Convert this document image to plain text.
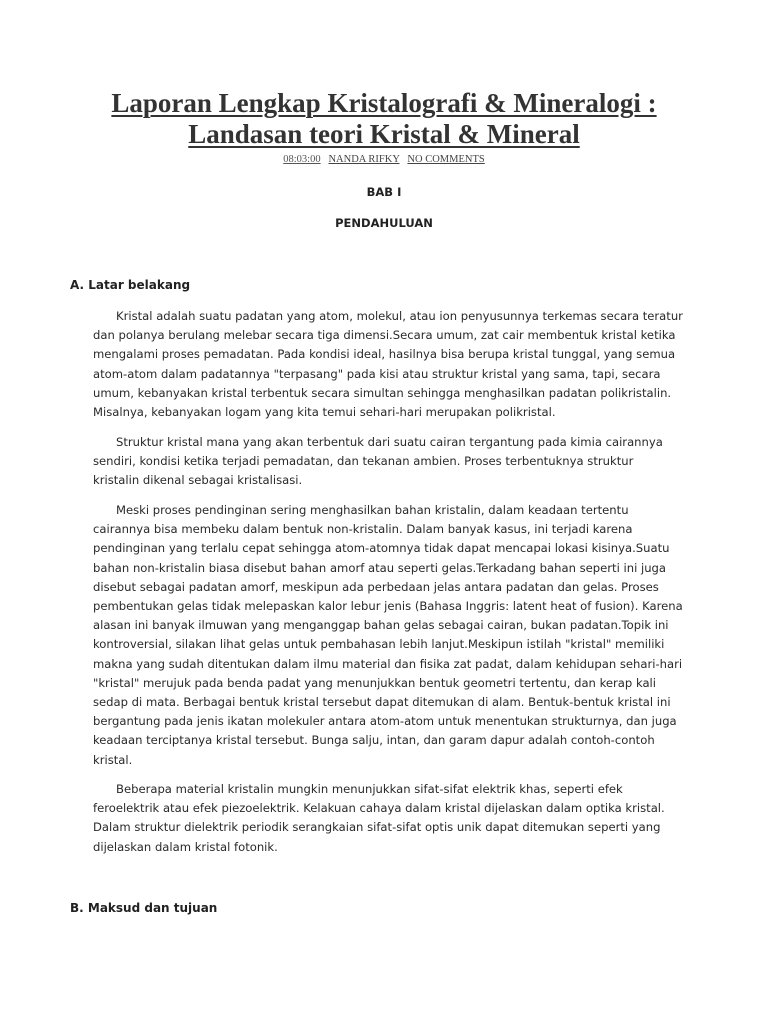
Laporan Lengkap Kristalografi & Mineralogi :
Landasan teori Kristal & Mineral
08:03:00 NANDA RIFKY NO COMMENTS

BAB I

PENDAHULUAN

A. Latar belakang

Kristal adalah suatu padatan yang atom, molekul, atau ion penyusunnya terkemas secara teratur
dan polanya berulang melebar secara tiga dimensi.Secara umum, zat cair membentuk kristal ketika
mengalami proses pemadatan. Pada kondisi ideal, hasilnya bisa berupa kristal tunggal, yang semua
atom-atom dalam padatannya "terpasang" pada kisi atau struktur kristal yang sama, tapi, secara
umum, kebanyakan kristal terbentuk secara simultan sehingga menghasilkan padatan polikristalin.
Misalnya, kebanyakan logam yang kita temui sehari-hari merupakan polikristal.

Struktur kristal mana yang akan terbentuk dari suatu cairan tergantung pada kimia cairannya
sendiri, kondisi ketika terjadi pemadatan, dan tekanan ambien. Proses terbentuknya struktur
kristalin dikenal sebagai kristalisasi.

Meski proses pendinginan sering menghasilkan bahan kristalin, dalam keadaan tertentu
cairannya bisa membeku dalam bentuk non-kristalin. Dalam banyak kasus, ini terjadi karena
pendinginan yang terlalu cepat sehingga atom-atomnya tidak dapat mencapai lokasi kisinya.Suatu
bahan non-kristalin biasa disebut bahan amorf atau seperti gelas.Terkadang bahan seperti ini juga
disebut sebagai padatan amorf, meskipun ada perbedaan jelas antara padatan dan gelas. Proses
pembentukan gelas tidak melepaskan kalor lebur jenis (Bahasa Inggris: latent heat of fusion). Karena
alasan ini banyak ilmuwan yang menganggap bahan gelas sebagai cairan, bukan padatan.Topik ini
kontroversial, silakan lihat gelas untuk pembahasan lebih lanjut.Meskipun istilah "kristal" memiliki
makna yang sudah ditentukan dalam ilmu material dan fisika zat padat, dalam kehidupan sehari-hari
"kristal" merujuk pada benda padat yang menunjukkan bentuk geometri tertentu, dan kerap kali
sedap di mata. Berbagai bentuk kristal tersebut dapat ditemukan di alam. Bentuk-bentuk kristal ini
bergantung pada jenis ikatan molekuler antara atom-atom untuk menentukan strukturnya, dan juga
keadaan terciptanya kristal tersebut. Bunga salju, intan, dan garam dapur adalah contoh-contoh
kristal.

Beberapa material kristalin mungkin menunjukkan sifat-sifat elektrik khas, seperti efek
feroelektrik atau efek piezoelektrik. Kelakuan cahaya dalam kristal dijelaskan dalam optika kristal.
Dalam struktur dielektrik periodik serangkaian sifat-sifat optis unik dapat ditemukan seperti yang
dijelaskan dalam kristal fotonik.

B. Maksud dan tujuan
